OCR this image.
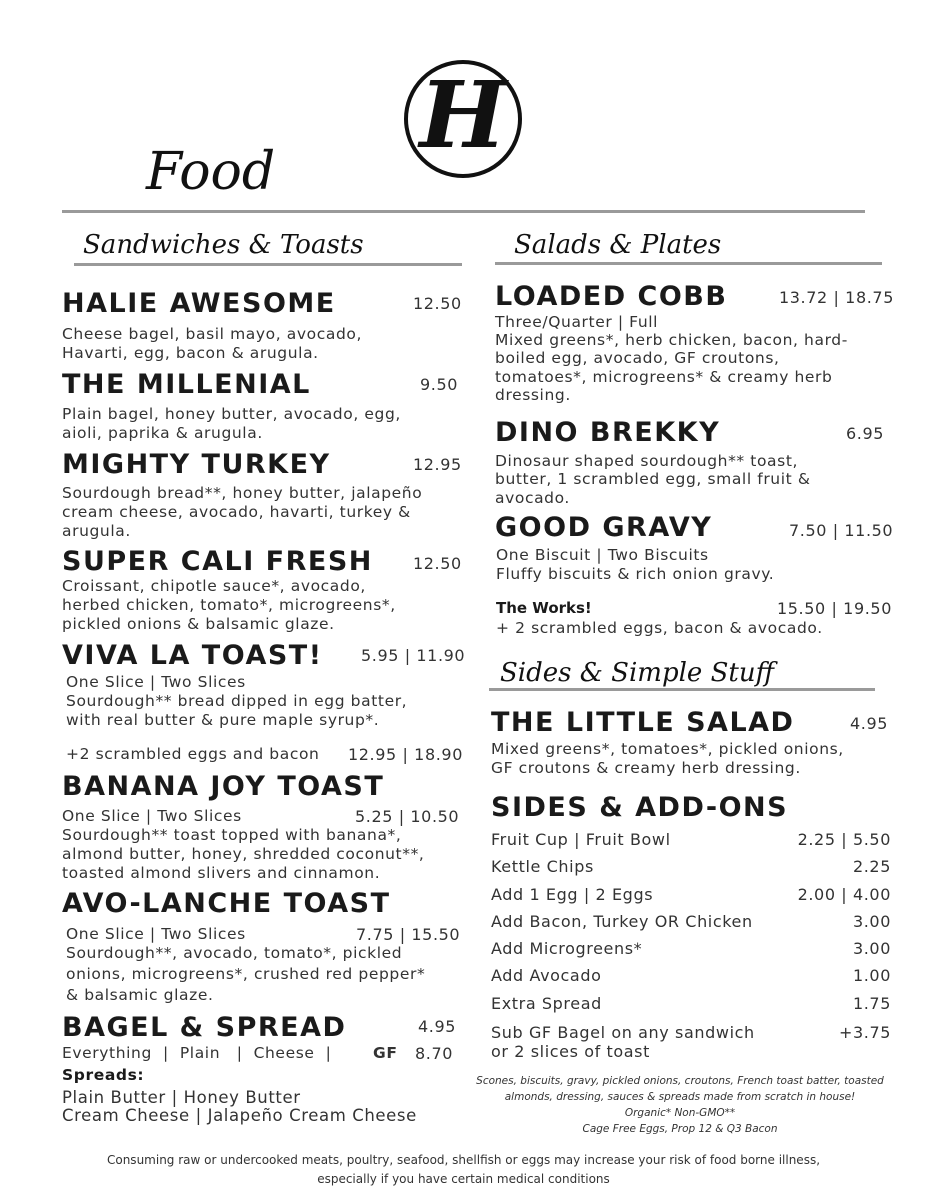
H
Food
Sandwiches & Toasts	Salads & Plates
HALIE AWESOME	12.50
Cheese bagel, basil mayo, avocado,
Havarti, egg, bacon & arugula.
THE MILLENIAL	9.50
Plain bagel, honey butter, avocado, egg,
aioli, paprika & arugula.
MIGHTY TURKEY	12.95
Sourdough bread**, honey butter, jalapeño
cream cheese, avocado, havarti, turkey &
arugula.
SUPER CALI FRESH	12.50
Croissant, chipotle sauce*, avocado,
herbed chicken, tomato*, microgreens*,
pickled onions & balsamic glaze.
VIVA LA TOAST! 5.95 | 11.90
One Slice | Two Slices
Sourdough** bread dipped in egg batter,
with real butter & pure maple syrup*.
+2 scrambled eggs and bacon 12.95 | 18.90
BANANA JOY TOAST
One Slice | Two Slices	5.25 | 10.50
Sourdough** toast topped with banana*,
almond butter, honey, shredded coconut**,
toasted almond slivers and cinnamon.
AVO-LANCHE TOAST
One Slice | Two Slices	7.75 | 15.50
Sourdough**, avocado, tomato*, pickled
onions, microgreens*, crushed red pepper*
& balsamic glaze.
BAGEL & SPREAD	4.95
Everything  |  Plain   |  Cheese  |	GF 8.70
Spreads:
Plain Butter | Honey Butter
Cream Cheese | Jalapeño Cream Cheese
LOADED COBB	13.72 | 18.75
Three/Quarter | Full
Mixed greens*, herb chicken, bacon, hard-
boiled egg, avocado, GF croutons,
tomatoes*, microgreens* & creamy herb
dressing.
DINO BREKKY	6.95
Dinosaur shaped sourdough** toast,
butter, 1 scrambled egg, small fruit &
avocado.
GOOD GRAVY	7.50 | 11.50
One Biscuit | Two Biscuits
Fluffy biscuits & rich onion gravy.
The Works!	15.50 | 19.50
+ 2 scrambled eggs, bacon & avocado.
Sides & Simple Stuff
THE LITTLE SALAD	4.95
Mixed greens*, tomatoes*, pickled onions,
GF croutons & creamy herb dressing.
SIDES & ADD-ONS
Fruit Cup | Fruit Bowl	2.25 | 5.50
Kettle Chips	2.25
Add 1 Egg | 2 Eggs	2.00 | 4.00
Add Bacon, Turkey OR Chicken	3.00
Add Microgreens*	3.00
Add Avocado	1.00
Extra Spread	1.75
Sub GF Bagel on any sandwich	+3.75
or 2 slices of toast
Scones, biscuits, gravy, pickled onions, croutons, French toast batter, toasted
almonds, dressing, sauces & spreads made from scratch in house!
Organic* Non-GMO**
Cage Free Eggs, Prop 12 & Q3 Bacon
Consuming raw or undercooked meats, poultry, seafood, shellfish or eggs may increase your risk of food borne illness,
especially if you have certain medical conditions
